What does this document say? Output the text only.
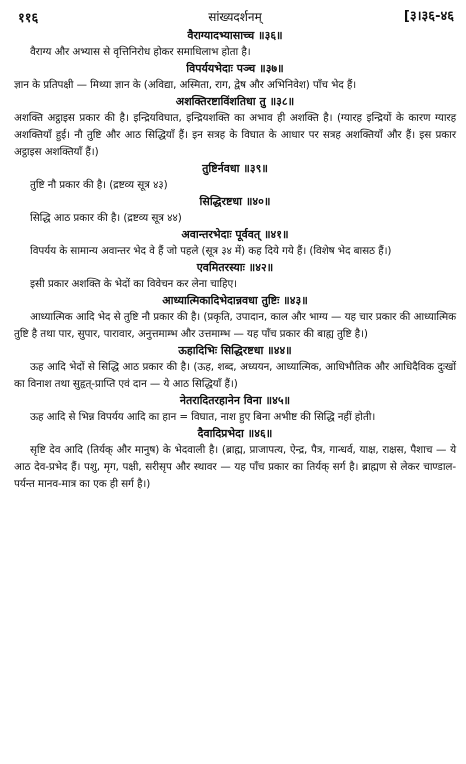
११६	सांख्यदर्शनम्	[३।३६-४६

वैराग्यादभ्यासाच्च ॥३६॥

वैराग्य और अभ्यास से वृत्तिनिरोध होकर समाधिलाभ होता है।

विपर्ययभेदाः पञ्च ॥३७॥

ज्ञान के प्रतिपक्षी — मिथ्या ज्ञान के (अविद्या, अस्मिता, राग, द्वेष और अभिनिवेश) पाँच भेद हैं।

अशक्तिरष्टाविंशतिधा तु ॥३८॥

अशक्ति अट्ठाइस प्रकार की है। इन्द्रियविघात, इन्द्रियशक्ति का अभाव ही अशक्ति है। (ग्यारह इन्द्रियों के कारण ग्यारह अशक्तियाँ हुई। नौ तुष्टि और आठ सिद्धियाँ हैं। इन सत्रह के विघात के आधार पर सत्रह अशक्तियाँ और हैं। इस प्रकार अट्ठाइस अशक्तियाँ हैं।)

तुष्टिर्नवधा ॥३९॥

तुष्टि नौ प्रकार की है। (द्रष्टव्य सूत्र ४३)

सिद्धिरष्टधा ॥४०॥

सिद्धि आठ प्रकार की है। (द्रष्टव्य सूत्र ४४)

अवान्तरभेदाः पूर्ववत् ॥४१॥

विपर्यय के सामान्य अवान्तर भेद वे हैं जो पहले (सूत्र ३४ में) कह दिये गये हैं। (विशेष भेद बासठ हैं।)

एवमितरस्याः ॥४२॥

इसी प्रकार अशक्ति के भेदों का विवेचन कर लेना चाहिए।

आध्यात्मिकादिभेदान्नवधा तुष्टिः ॥४३॥

आध्यात्मिक आदि भेद से तुष्टि नौ प्रकार की है। (प्रकृति, उपादान, काल और भाग्य — यह चार प्रकार की आध्यात्मिक तुष्टि है तथा पार, सुपार, पारावार, अनुत्तमाम्भ और उत्तमाम्भ — यह पाँच प्रकार की बाह्य तुष्टि है।)

ऊहादिभिः सिद्धिरष्टधा ॥४४॥

ऊह आदि भेदों से सिद्धि आठ प्रकार की है। (ऊह, शब्द, अध्ययन, आध्यात्मिक, आधिभौतिक और आधिदैविक दुःखों का विनाश तथा सुहृत्-प्राप्ति एवं दान — ये आठ सिद्धियाँ हैं।)

नेतरादितरहानेन विना ॥४५॥

ऊह आदि से भिन्न विपर्यय आदि का हान = विघात, नाश हुए बिना अभीष्ट की सिद्धि नहीं होती।

दैवादिप्रभेदा ॥४६॥

सृष्टि देव आदि (तिर्यक् और मानुष) के भेदवाली है। (ब्राह्म, प्राजापत्य, ऐन्द्र, पैत्र, गान्धर्व, याक्ष, राक्षस, पैशाच — ये आठ देव-प्रभेद हैं। पशु, मृग, पक्षी, सरीसृप और स्थावर — यह पाँच प्रकार का तिर्यक् सर्ग है। ब्राह्मण से लेकर चाण्डाल-पर्यन्त मानव-मात्र का एक ही सर्ग है।)
